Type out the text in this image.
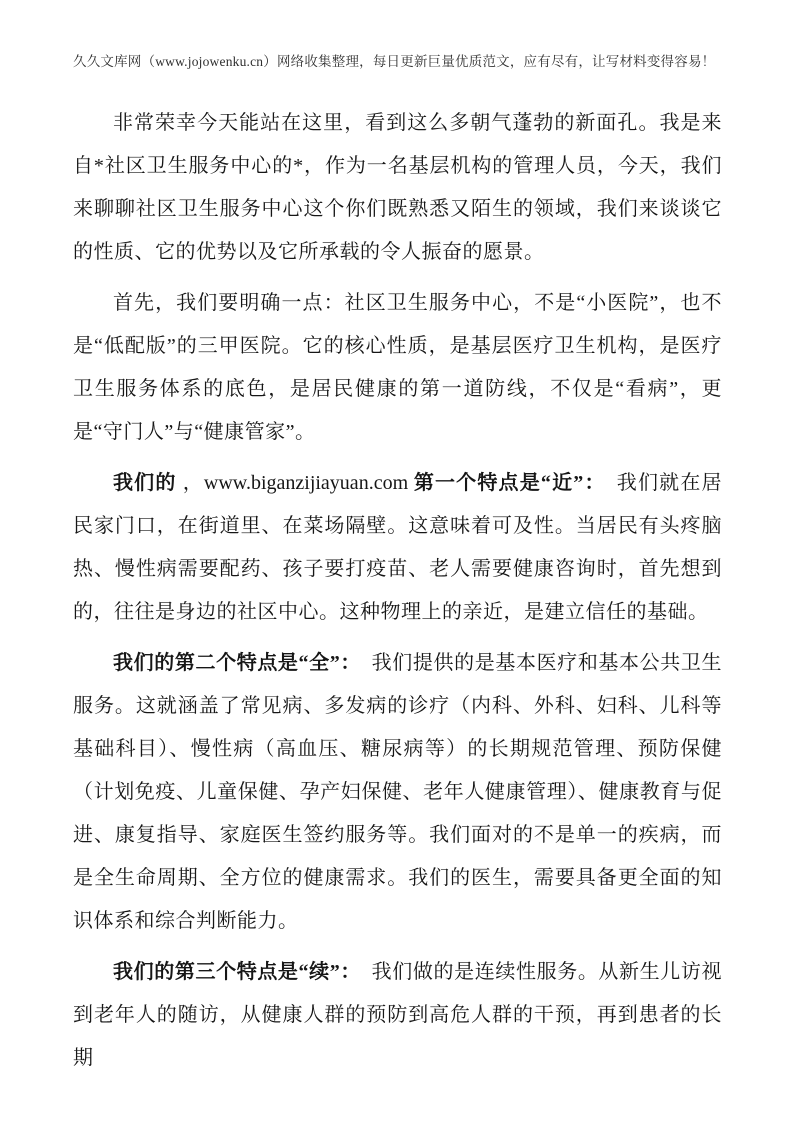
久久文库网（www.jojowenku.cn）网络收集整理，每日更新巨量优质范文，应有尽有，让写材料变得容易！

非常荣幸今天能站在这里，看到这么多朝气蓬勃的新面孔。我是来自*社区卫生服务中心的*，作为一名基层机构的管理人员，今天，我们来聊聊社区卫生服务中心这个你们既熟悉又陌生的领域，我们来谈谈它的性质、它的优势以及它所承载的令人振奋的愿景。

首先，我们要明确一点：社区卫生服务中心，不是“小医院”，也不是“低配版”的三甲医院。它的核心性质，是基层医疗卫生机构，是医疗卫生服务体系的底色，是居民健康的第一道防线，不仅是“看病”，更是“守门人”与“健康管家”。

我们的 ，www.biganzijiayuan.com 第一个特点是“近”：　我们就在居民家门口，在街道里、在菜场隔壁。这意味着可及性。当居民有头疼脑热、慢性病需要配药、孩子要打疫苗、老人需要健康咨询时，首先想到的，往往是身边的社区中心。这种物理上的亲近，是建立信任的基础。

我们的第二个特点是“全”：　我们提供的是基本医疗和基本公共卫生服务。这就涵盖了常见病、多发病的诊疗（内科、外科、妇科、儿科等基础科目）、慢性病（高血压、糖尿病等）的长期规范管理、预防保健（计划免疫、儿童保健、孕产妇保健、老年人健康管理）、健康教育与促进、康复指导、家庭医生签约服务等。我们面对的不是单一的疾病，而是全生命周期、全方位的健康需求。我们的医生，需要具备更全面的知识体系和综合判断能力。

我们的第三个特点是“续”：　我们做的是连续性服务。从新生儿访视到老年人的随访，从健康人群的预防到高危人群的干预，再到患者的长期
